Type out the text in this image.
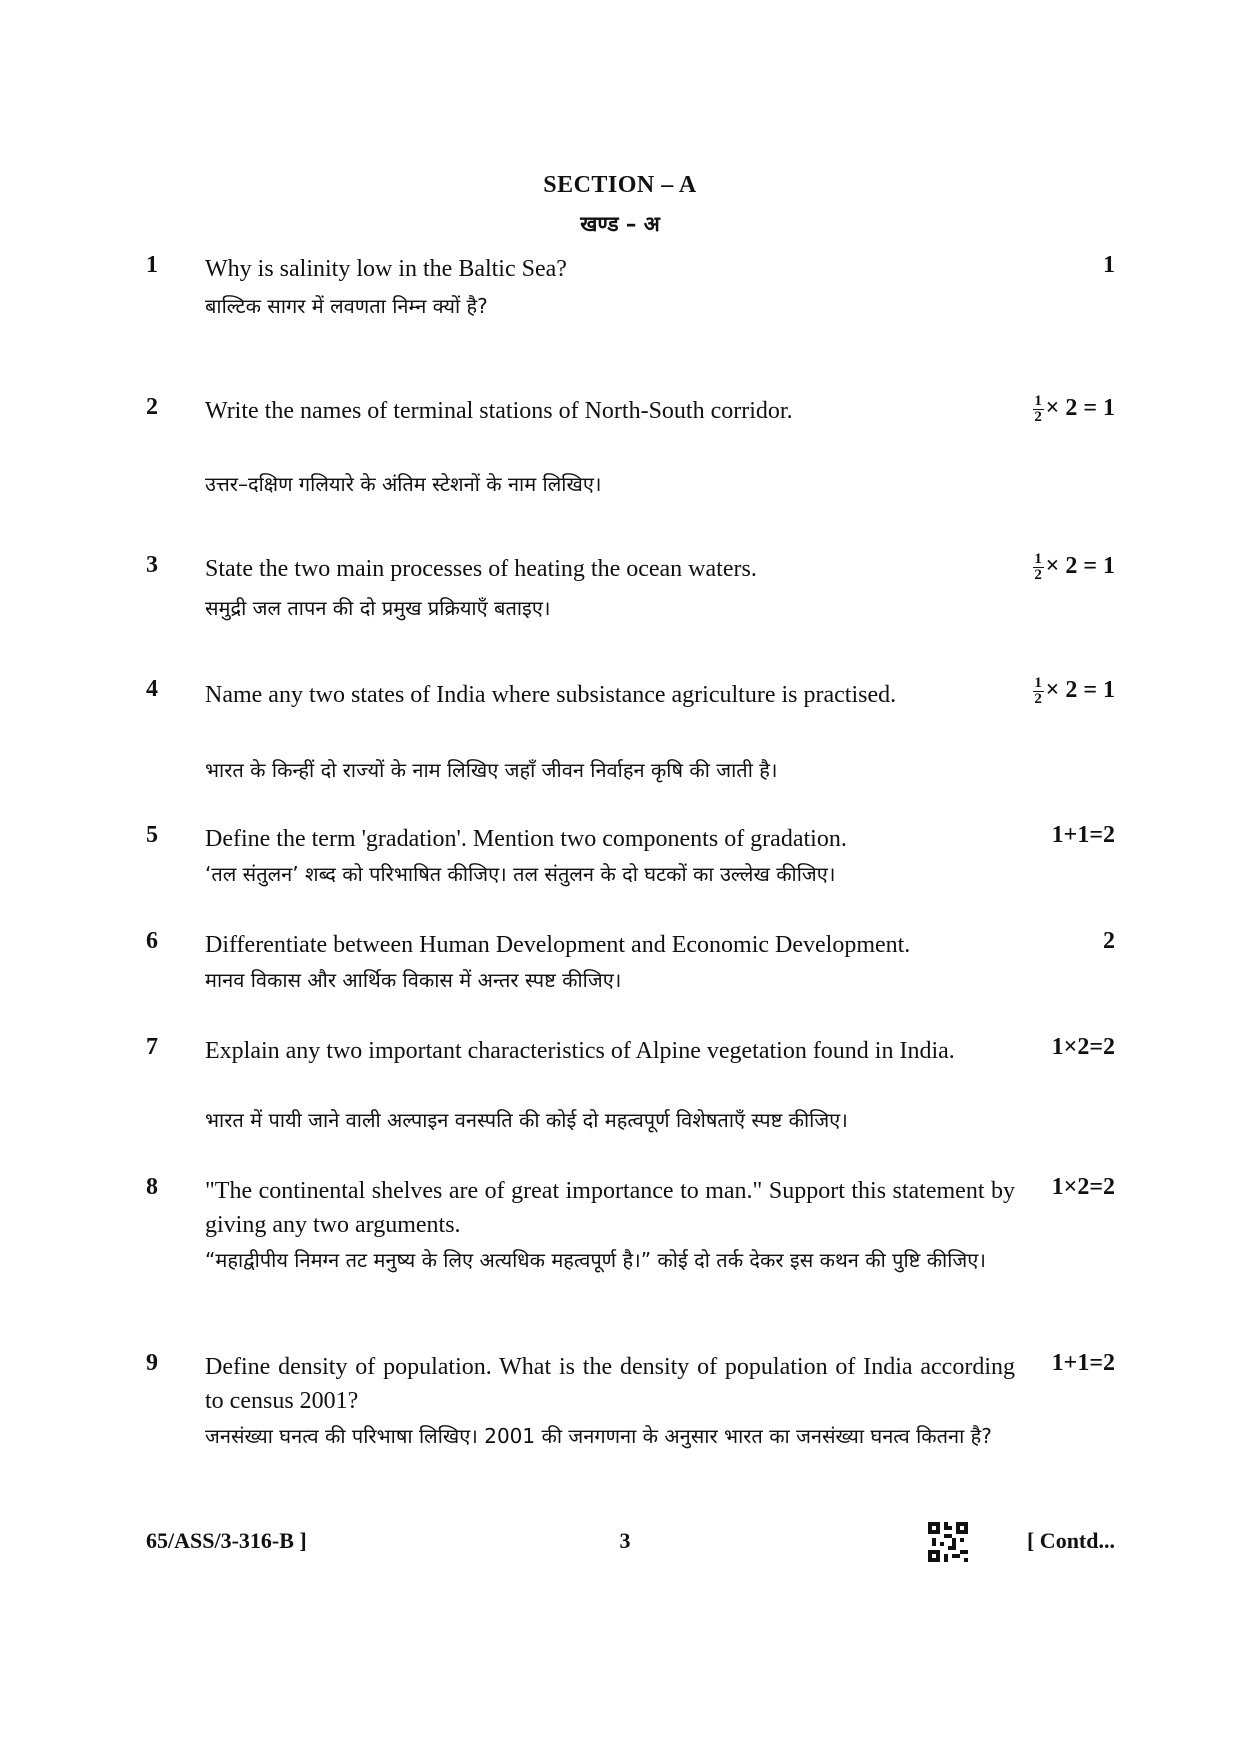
SECTION – A
खण्ड – अ
1 Why is salinity low in the Baltic Sea?
बाल्टिक सागर में लवणता निम्न क्यों है?
1
2 Write the names of terminal stations of North-South corridor.
उत्तर–दक्षिण गलियारे के अंतिम स्टेशनों के नाम लिखिए।
$\frac{1}{2} \times 2 = 1$
3 State the two main processes of heating the ocean waters.
समुद्री जल तापन की दो प्रमुख प्रक्रियाएँ बताइए।
$\frac{1}{2} \times 2 = 1$
4 Name any two states of India where subsistance agriculture is practised.
भारत के किन्हीं दो राज्यों के नाम लिखिए जहाँ जीवन निर्वाहन कृषि की जाती है।
$\frac{1}{2} \times 2 = 1$
5 Define the term 'gradation'. Mention two components of gradation.
‘तल संतुलन’ शब्द को परिभाषित कीजिए। तल संतुलन के दो घटकों का उल्लेख कीजिए।
1+1=2
6 Differentiate between Human Development and Economic Development.
मानव विकास और आर्थिक विकास में अन्तर स्पष्ट कीजिए।
2
7 Explain any two important characteristics of Alpine vegetation found in India.
भारत में पायी जाने वाली अल्पाइन वनस्पति की कोई दो महत्वपूर्ण विशेषताएँ स्पष्ट कीजिए।
1×2=2
8 "The continental shelves are of great importance to man." Support this statement by giving any two arguments.
“महाद्वीपीय निमग्न तट मनुष्य के लिए अत्यधिक महत्वपूर्ण है।” कोई दो तर्क देकर इस कथन की पुष्टि कीजिए।
1×2=2
9 Define density of population. What is the density of population of India according to census 2001?
जनसंख्या घनत्व की परिभाषा लिखिए। 2001 की जनगणना के अनुसार भारत का जनसंख्या घनत्व कितना है?
1+1=2
65/ASS/3-316-B ]	3	[ Contd...
